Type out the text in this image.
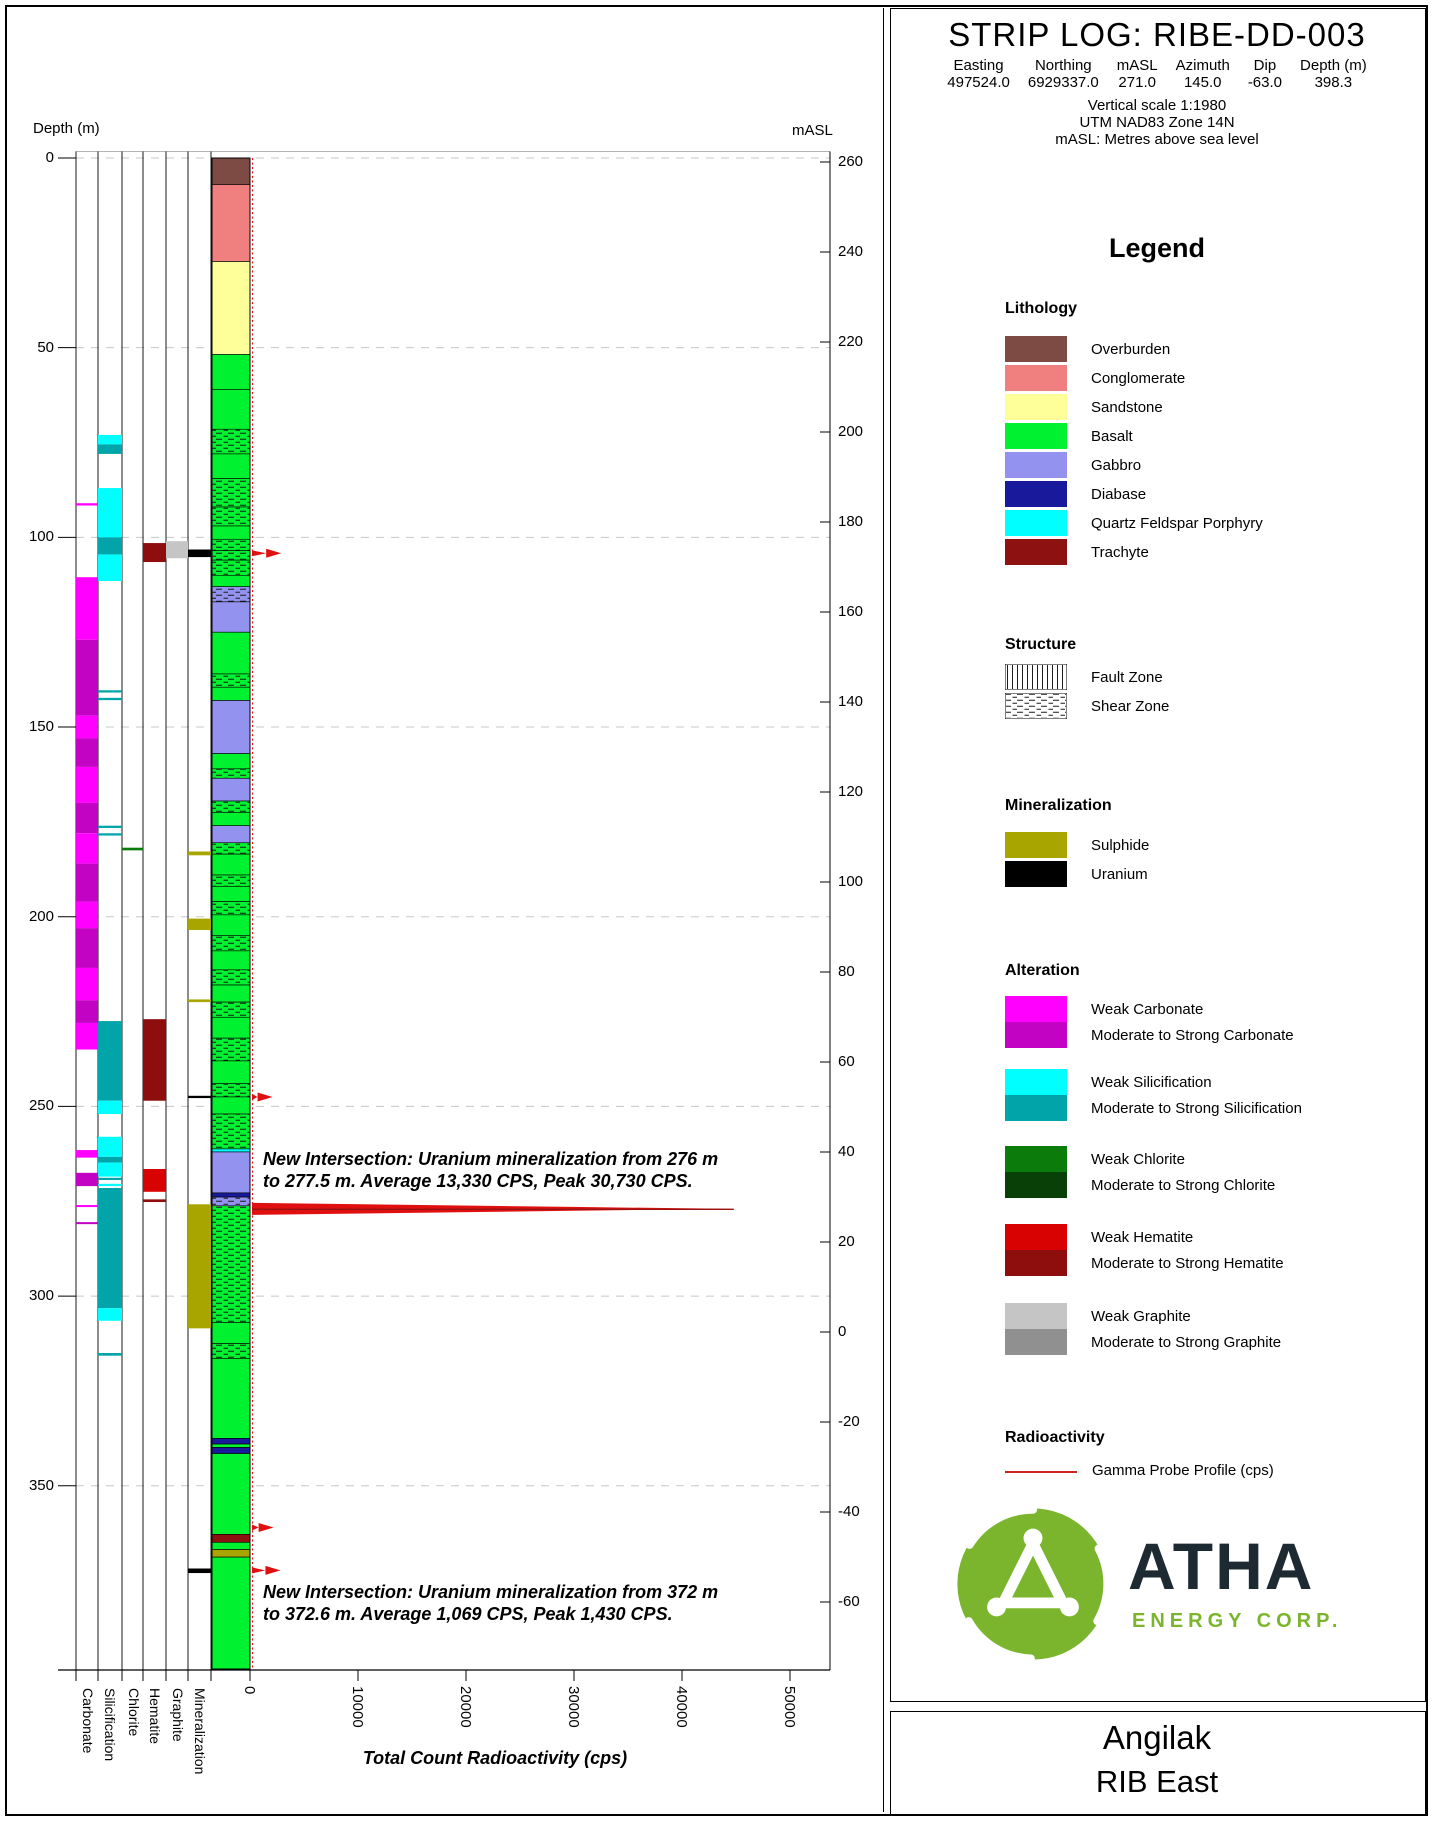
Depth (m)	mASL
0
50
100
150
200
250
300
350
260
240
220
200
180
160
140
120
100
80
60
40
20
0
-20
-40
-60
0	10000	20000	30000	40000	50000
Carbonate Silicification Chlorite Hematite Graphite Mineralization
New Intersection: Uranium mineralization from 276 m
to 277.5 m. Average 13,330 CPS, Peak 30,730 CPS.
New Intersection: Uranium mineralization from 372 m
to 372.6 m. Average 1,069 CPS, Peak 1,430 CPS.
Total Count Radioactivity (cps)
STRIP LOG: RIBE-DD-003
Easting
497524.0
Northing
6929337.0
mASL
271.0
Azimuth
145.0
Dip
-63.0
Depth (m)
398.3
Vertical scale 1:1980
UTM NAD83 Zone 14N
mASL: Metres above sea level
Legend
Lithology
Overburden
Conglomerate
Sandstone
Basalt
Gabbro
Diabase
Quartz Feldspar Porphyry
Trachyte
Structure
Fault Zone
Shear Zone
Mineralization
Sulphide
Uranium
Alteration
Radioactivity
Gamma Probe Profile (cps)
ATHA
ENERGY CORP.
Angilak
RIB East
Weak Carbonate
Moderate to Strong Carbonate
Weak Silicification
Moderate to Strong Silicification
Weak Chlorite
Moderate to Strong Chlorite
Weak Hematite
Moderate to Strong Hematite
Weak Graphite
Moderate to Strong Graphite
